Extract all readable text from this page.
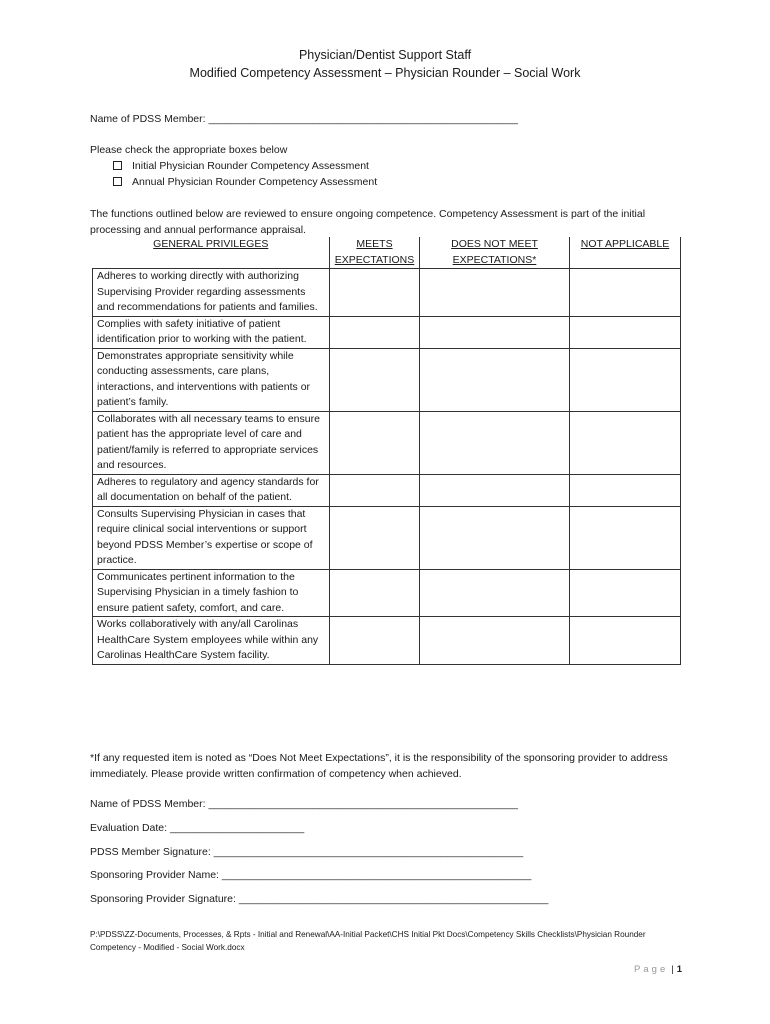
Physician/Dentist Support Staff
Modified Competency Assessment – Physician Rounder – Social Work
Name of PDSS Member: _____________________________________________________
Please check the appropriate boxes below
Initial Physician Rounder Competency Assessment
Annual Physician Rounder Competency Assessment
The functions outlined below are reviewed to ensure ongoing competence. Competency Assessment is part of the initial processing and annual performance appraisal.
GENERAL PRIVILEGES	MEETS EXPECTATIONS	DOES NOT MEET EXPECTATIONS*	NOT APPLICABLE
Adheres to working directly with authorizing Supervising Provider regarding assessments and recommendations for patients and families.			
Complies with safety initiative of patient identification prior to working with the patient.			
Demonstrates appropriate sensitivity while conducting assessments, care plans, interactions, and interventions with patients or patient’s family.			
Collaborates with all necessary teams to ensure patient has the appropriate level of care and patient/family is referred to appropriate services and resources.			
Adheres to regulatory and agency standards for all documentation on behalf of the patient.			
Consults Supervising Physician in cases that require clinical social interventions or support beyond PDSS Member’s expertise or scope of practice.			
Communicates pertinent information to the Supervising Physician in a timely fashion to ensure patient safety, comfort, and care.			
Works collaboratively with any/all Carolinas HealthCare System employees while within any Carolinas HealthCare System facility.			
*If any requested item is noted as “Does Not Meet Expectations”, it is the responsibility of the sponsoring provider to address immediately. Please provide written confirmation of competency when achieved.
Name of PDSS Member: _____________________________________________________
Evaluation Date: _______________________
PDSS Member Signature: _____________________________________________________
Sponsoring Provider Name: _____________________________________________________
Sponsoring Provider Signature: _____________________________________________________
P:\PDSS\ZZ-Documents, Processes, & Rpts - Initial and Renewal\AA-Initial Packet\CHS Initial Pkt Docs\Competency Skills Checklists\Physician Rounder Competency - Modified - Social Work.docx
Page | 1
